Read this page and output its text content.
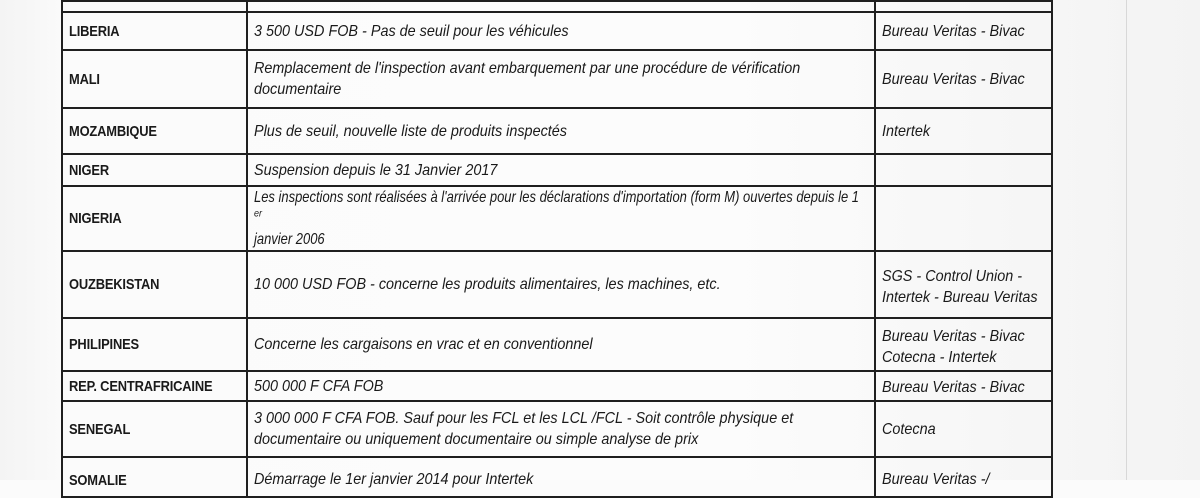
LIBERIA	3 500 USD FOB - Pas de seuil pour les véhicules	Bureau Veritas - Bivac
MALI	Remplacement de l'inspection avant embarquement par une procédure de vérification documentaire	Bureau Veritas - Bivac
MOZAMBIQUE	Plus de seuil, nouvelle liste de produits inspectés	Intertek
NIGER	Suspension depuis le 31 Janvier 2017	
NIGERIA	Les inspections sont réalisées à l'arrivée pour les déclarations d'importation (form M) ouvertes depuis le 1erjanvier 2006	
OUZBEKISTAN	10 000 USD FOB - concerne les produits alimentaires, les machines, etc.	SGS - Control Union - Intertek - Bureau Veritas
PHILIPINES	Concerne les cargaisons en vrac et en conventionnel	Bureau Veritas - Bivac Cotecna - Intertek
REP. CENTRAFRICAINE	500 000 F CFA FOB	Bureau Veritas - Bivac
SENEGAL	3 000 000 F CFA FOB. Sauf pour les FCL et les LCL /FCL - Soit contrôle physique et documentaire ou uniquement documentaire ou simple analyse de prix	Cotecna
SOMALIE	Démarrage le 1er janvier 2014 pour Intertek	Bureau Veritas -/
